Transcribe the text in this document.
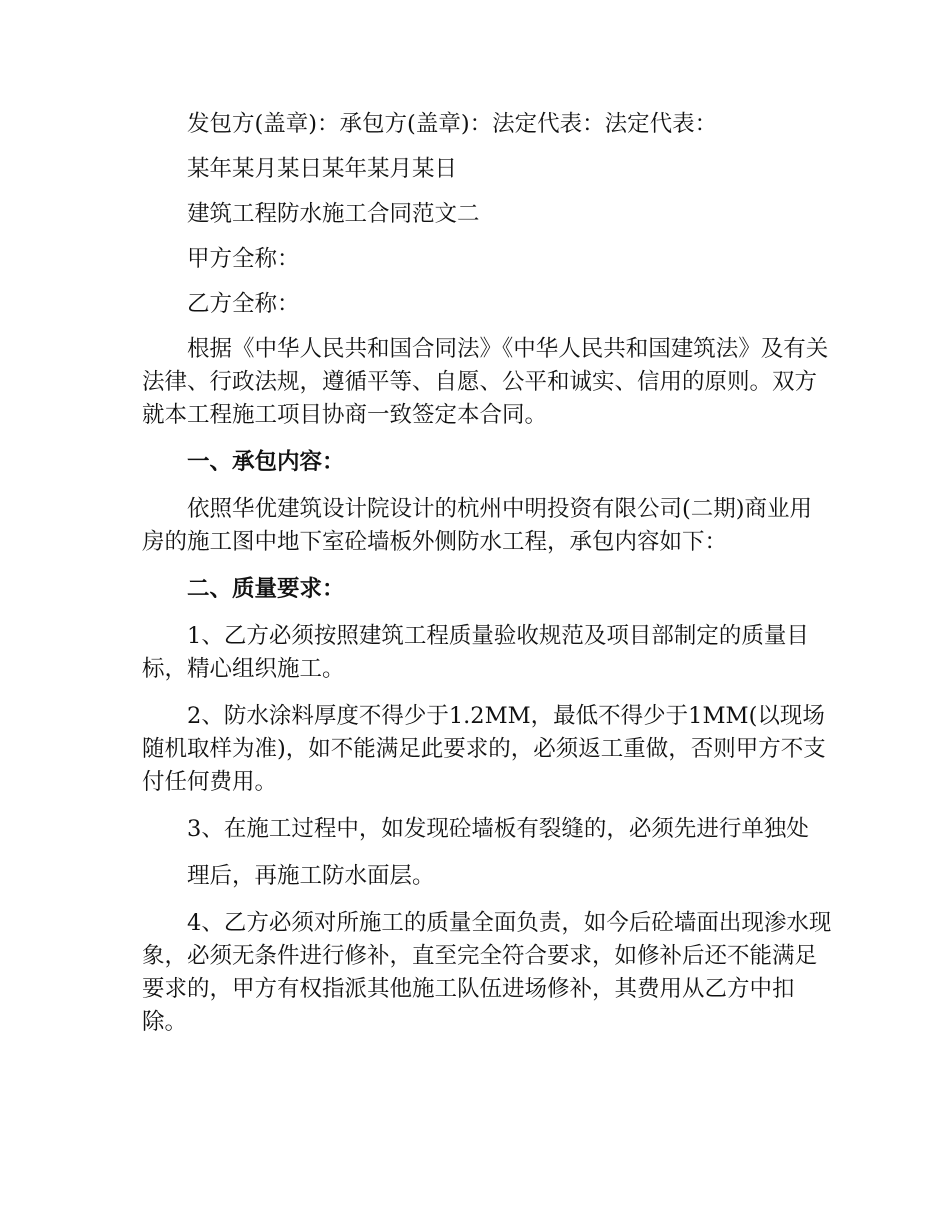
发包方(盖章)：承包方(盖章)：法定代表：法定代表：

某年某月某日某年某月某日

建筑工程防水施工合同范文二

甲方全称：

乙方全称：

根据《中华人民共和国合同法》《中华人民共和国建筑法》及有关法律、行政法规，遵循平等、自愿、公平和诚实、信用的原则。双方就本工程施工项目协商一致签定本合同。

一、承包内容：

依照华优建筑设计院设计的杭州中明投资有限公司(二期)商业用房的施工图中地下室砼墙板外侧防水工程，承包内容如下：

二、质量要求：

1、乙方必须按照建筑工程质量验收规范及项目部制定的质量目标，精心组织施工。

2、防水涂料厚度不得少于1.2MM，最低不得少于1MM(以现场随机取样为准)，如不能满足此要求的，必须返工重做，否则甲方不支付任何费用。

3、在施工过程中，如发现砼墙板有裂缝的，必须先进行单独处

理后，再施工防水面层。

4、乙方必须对所施工的质量全面负责，如今后砼墙面出现渗水现象，必须无条件进行修补，直至完全符合要求，如修补后还不能满足要求的，甲方有权指派其他施工队伍进场修补，其费用从乙方中扣除。
